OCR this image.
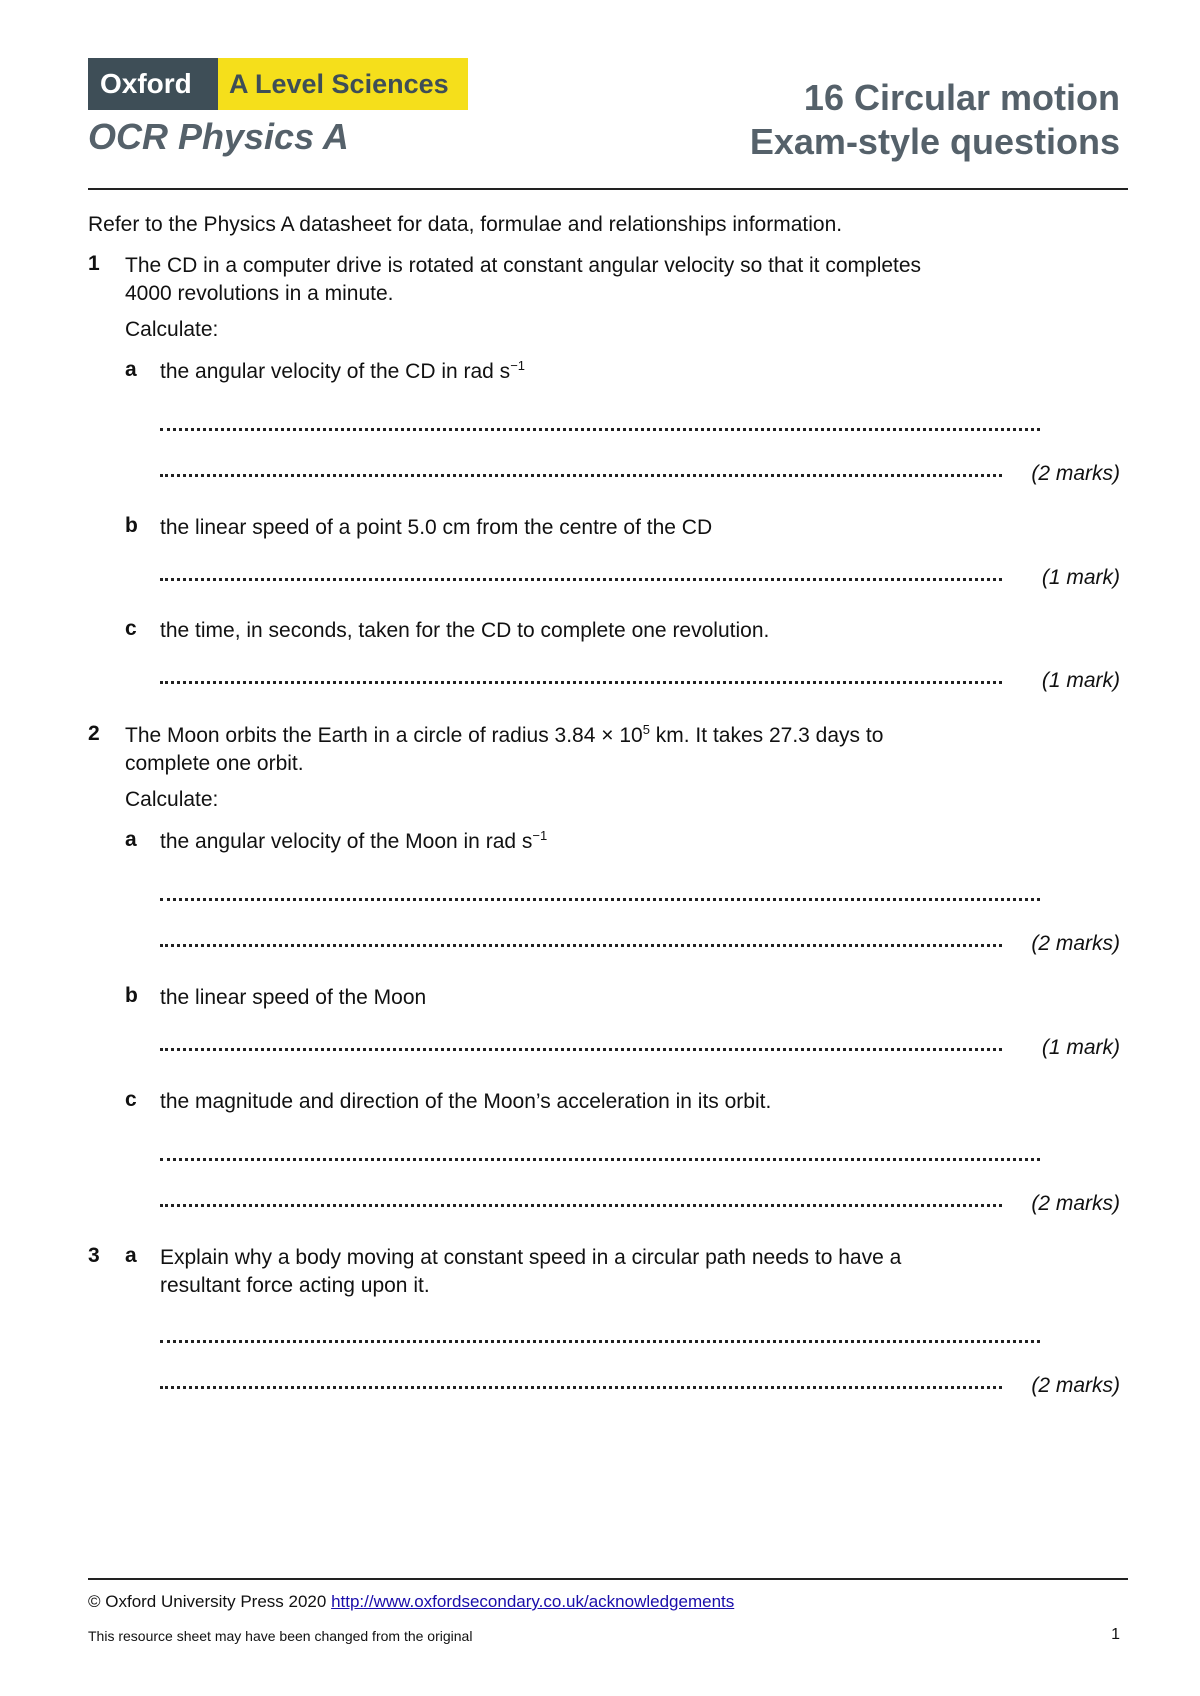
Oxford	A Level Sciences
OCR Physics A
16 Circular motion
Exam-style questions
Refer to the Physics A datasheet for data, formulae and relationships information.
1 The CD in a computer drive is rotated at constant angular velocity so that it completes 4000 revolutions in a minute.
Calculate:
a the angular velocity of the CD in rad $s^{-1}$
(2 marks)
b the linear speed of a point 5.0 cm from the centre of the CD
(1 mark)
c the time, in seconds, taken for the CD to complete one revolution.
(1 mark)
2 The Moon orbits the Earth in a circle of radius $3.84 \times 10^5$ km. It takes 27.3 days to complete one orbit.
Calculate:
a the angular velocity of the Moon in rad $s^{-1}$
(2 marks)
b the linear speed of the Moon
(1 mark)
c the magnitude and direction of the Moon’s acceleration in its orbit.
(2 marks)
3 a Explain why a body moving at constant speed in a circular path needs to have a resultant force acting upon it.
(2 marks)
© Oxford University Press 2020 http://www.oxfordsecondary.co.uk/acknowledgements
This resource sheet may have been changed from the original	1
